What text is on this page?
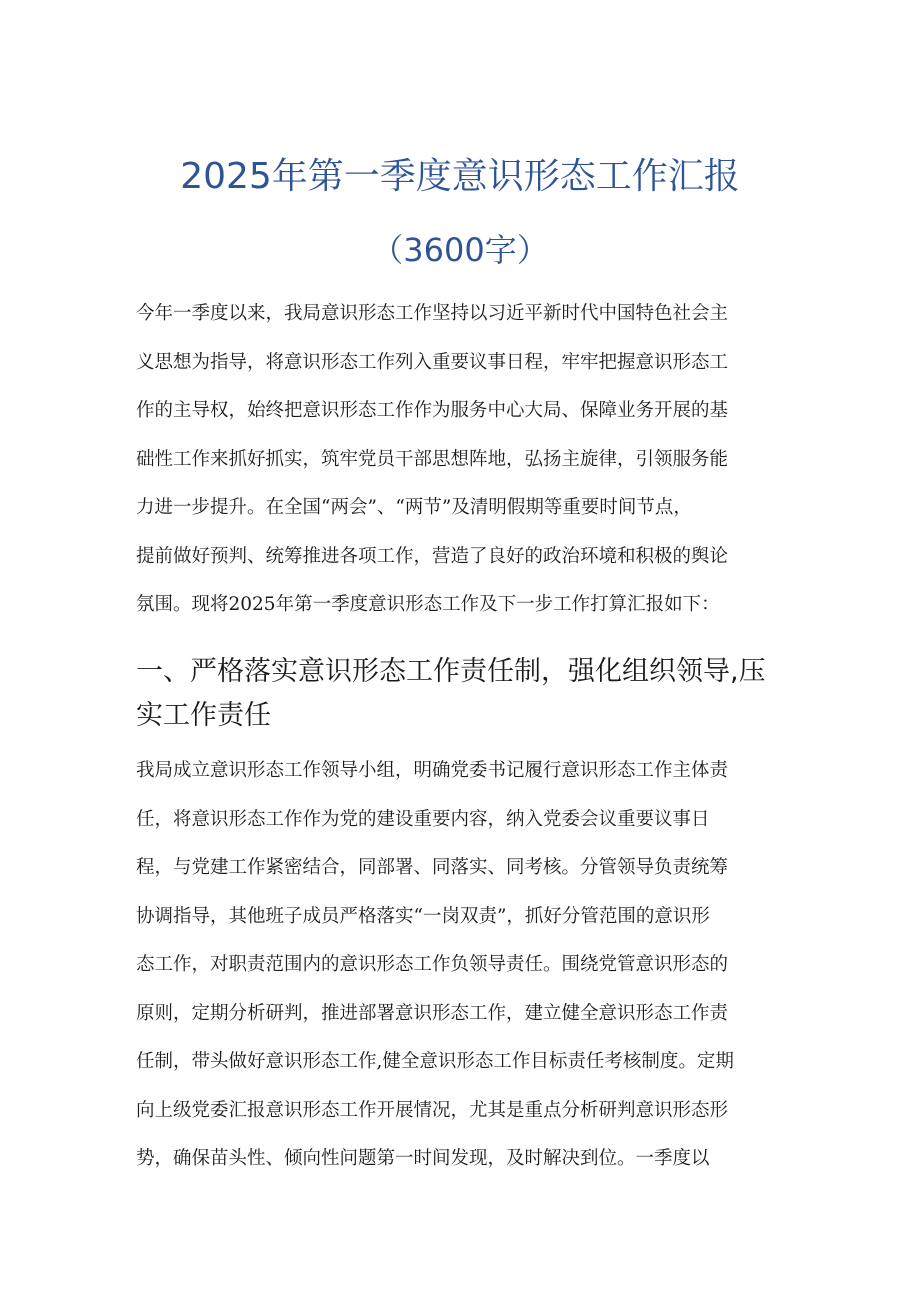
2025年第一季度意识形态工作汇报
（3600字）
今年一季度以来，我局意识形态工作坚持以习近平新时代中国特色社会主
义思想为指导，将意识形态工作列入重要议事日程，牢牢把握意识形态工
作的主导权，始终把意识形态工作作为服务中心大局、保障业务开展的基
础性工作来抓好抓实，筑牢党员干部思想阵地，弘扬主旋律，引领服务能
力进一步提升。在全国“两会”、“两节”及清明假期等重要时间节点，
提前做好预判、统筹推进各项工作，营造了良好的政治环境和积极的舆论
氛围。现将2025年第一季度意识形态工作及下一步工作打算汇报如下：
一、严格落实意识形态工作责任制，强化组织领导,压
实工作责任
我局成立意识形态工作领导小组，明确党委书记履行意识形态工作主体责
任，将意识形态工作作为党的建设重要内容，纳入党委会议重要议事日
程，与党建工作紧密结合，同部署、同落实、同考核。分管领导负责统筹
协调指导，其他班子成员严格落实“一岗双责”，抓好分管范围的意识形
态工作，对职责范围内的意识形态工作负领导责任。围绕党管意识形态的
原则，定期分析研判，推进部署意识形态工作，建立健全意识形态工作责
任制，带头做好意识形态工作,健全意识形态工作目标责任考核制度。定期
向上级党委汇报意识形态工作开展情况，尤其是重点分析研判意识形态形
势，确保苗头性、倾向性问题第一时间发现，及时解决到位。一季度以
